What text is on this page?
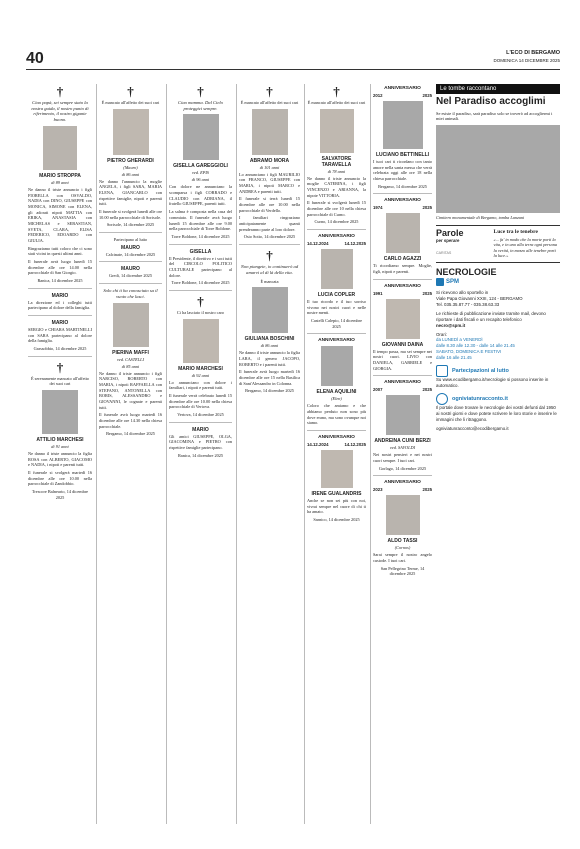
40	L'ECO DI BERGAMO
DOMENICA 14 DICEMBRE 2025
†
Ciao papà, sei sempre stato la nostra guida, il nostro punto di riferimento, il nostro gigante buono.
MARIO STROPPA
di 89 anni
Ne danno il triste annuncio i figli FIORELLA con OSVALDO, NADIA con DINO, GIUSEPPE con MONICA, SIMONE con ELENA, gli adorati nipoti MATTIA con ERIKA, ANASTASIA con MICHELAS e SEBASTIAN, SVETA, CLARA, ELISA FEDERICO, EDOARDO con GIULIA.
Ringraziamo tutti coloro che ci sono stati vicini in questi ultimi anni.
Il funerale avrà luogo lunedì 15 dicembre alle ore 14.00 nella parrocchiale di San Giorgio.
Ranica, 14 dicembre 2025
MARIO
La direzione ed i colleghi tutti partecipano al dolore della famiglia.
MARIO
SERGIO e CHIARA MARTINELLI con SARA partecipano al dolore della famiglia.
Grassobbio, 14 dicembre 2025
†
È serenamente mancato all'affetto dei suoi cari
ATTILIO MARCHESI
di 91 anni
Ne danno il triste annuncio la figlia ROSA con ALBERTO, GIACOMO e NADIA, i nipoti e parenti tutti.
Il funerale si svolgerà martedì 16 dicembre alle ore 10.00 nella parrocchiale di Zandobbio.
Trescore Balneario, 14 dicembre 2025
†
È mancato all'affetto dei suoi cari
PIETRO GHERARDI
(Mauro)
di 86 anni
Ne danno l'annuncio la moglie ANGELA, i figli SARA, MARIA ELENA, GIANCARLO con rispettive famiglie, nipoti e parenti tutti.
Il funerale si svolgerà lunedì alle ore 10.00 nella parrocchiale di Sorisole.
Sorisole, 14 dicembre 2025
Partecipano al lutto
MAURO
Calcinate, 14 dicembre 2025
MAURO
Gredi, 14 dicembre 2025
Solo chi ti ha conosciuto sa il vuoto che lasci.
PIERINA MAFFI
ved. CASTELLI
di 85 anni
Ne danno il triste annuncio i figli NARCISO, ROBERTO con MARIA, i nipoti RAFFAELLA con STEFANO, ANTONELLA con BORIS, ALESSANDRO e GIOVANNI, le cognate e parenti tutti.
Il funerale avrà luogo martedì 16 dicembre alle ore 14.30 nella chiesa parrocchiale.
Bergamo, 14 dicembre 2025
†
Ciao mamma. Dal Cielo proteggici sempre.
GISELLA GAREGGIOLI
ved. EPIS
di 96 anni
Con dolore ne annunciano la scomparsa i figli CORRADO e CLAUDIO con ADRIANA, il fratello GIUSEPPE, parenti tutti.
La salma è composta nella casa del commiato. Il funerale avrà luogo lunedì 15 dicembre alle ore 9.00 nella parrocchiale di Torre Boldone.
Torre Boldone, 14 dicembre 2025
GISELLA
Il Presidente, il direttivo e i soci tutti del CIRCOLO POLITICO CULTURALE partecipano al dolore.
Torre Boldone, 14 dicembre 2025
†
Ci ha lasciato il nostro caro
MARIO MARCHESI
di 92 anni
Lo annunciano con dolore i familiari, i nipoti e parenti tutti.
Il funerale verrà celebrato lunedì 15 dicembre alle ore 10.00 nella chiesa parrocchiale di Vertova.
Vertova, 14 dicembre 2025
MARIO
Gli amici GIUSEPPE, OLGA, GIACOMINA e PIETRO con rispettive famiglie partecipano.
Ranica, 14 dicembre 2025
†
È mancato all'affetto dei suoi cari
ABRAMO MORA
di 101 anni
Lo annunciano i figli MAURILIO con FRANCO, GIUSEPPE con MARIA, i nipoti MARCO e ANDREA e parenti tutti.
Il funerale si terrà lunedì 15 dicembre alle ore 10.00 nella parrocchiale di Verdello.
I familiari ringraziano anticipatamente quanti prenderanno parte al loro dolore.
Osio Sotto, 14 dicembre 2025
†
Non piangete, io continuerò ad amarvi al di là della vita.
È mancata
GIULIANA BOSCHINI
di 86 anni
Ne danno il triste annuncio la figlia LARA, il genero JACOPO, ROBERTO e i parenti tutti.
Il funerale avrà luogo martedì 16 dicembre alle ore 15 nella Basilica di Sant'Alessandro in Colonna.
Bergamo, 14 dicembre 2025
†
È mancato all'affetto dei suoi cari
SALVATORE TARAVELLA
di 78 anni
Ne danno il triste annuncio la moglie CATERINA, i figli VINCENZO e ARIANNA, la nipote VITTORIA.
Il funerale si svolgerà lunedì 15 dicembre alle ore 10 nella chiesa parrocchiale di Curno.
Curno, 14 dicembre 2025
ANNIVERSARIO
14.12.2024	14.12.2025
LUCIA COPLER
Il tuo ricordo e il tuo sorriso vivono nei nostri cuori e nelle nostre menti.
Castelli Calepio, 14 dicembre 2025
ANNIVERSARIO
ELENA AQUILINI
(Elen)
Coloro che amiamo e che abbiamo perduto non sono più dove erano, ma sono ovunque noi siamo.
ANNIVERSARIO
14.12.2024	14.12.2025
IRENE GUALANDRIS
Anche se non sei più con noi, vivrai sempre nel cuore di chi ti ha amato.
Sarnico, 14 dicembre 2025
ANNIVERSARIO
2012	2025
LUCIANO BETTINELLI
I tuoi cari ti ricordano con tanto amore nella santa messa che verrà celebrata oggi alle ore 18 nella chiesa parrocchiale.
Bergamo, 14 dicembre 2025
ANNIVERSARIO
1974	2025
CARLO AGAZZI
Ti ricordiamo sempre. Moglie, figli, nipoti e parenti.
ANNIVERSARIO
1991	2025
GIOVANNI DAINA
Il tempo passa, ma sei sempre nei nostri cuori. LIVIO con DANIELA, GABRIELE e GIORGIA.
ANNIVERSARIO
2007	2025
ANDREINA CUNI BERZI
ved. SAVOLDI
Nei nostri pensieri e nei nostri cuori sempre. I tuoi cari.
Gorlago, 14 dicembre 2025
ANNIVERSARIO
2023	2025
ALDO TASSI
(Cornos)
Sarai sempre il nostro angelo custode. I tuoi cari.
San Pellegrino Terme, 14 dicembre 2025
Le tombe raccontano
Nel Paradiso accoglimi
Se esiste il paradiso, sarà paradiso solo se troverò ad accogliermi i miei animali.
Cimitero monumentale di Bergamo, tomba Lanzani
Parole
per sperare
CARITAS
Luce tra le tenebre
«... fa' in modo che la morte porti la vita, e in uno alla terra ogni persona la veritá, in mezzo alle tenebre porti la luce.»
NECROLOGIE
SPM
Si ricevono allo sportello in
Viale Papa Giovanni XXIII, 124 - BERGAMO
Tel. 035.35.87.77 - 035.38.63.33
Le richieste di pubblicazione inviate tramite mail, devono riportare i dati fiscali e un recapito telefonico
necro@spm.it
Orari:
da LUNEDÌ a VENERDÌ
dalle 8.30 alle 12.30 - dalle 14 alle 21.45
SABATO, DOMENICA E FESTIVI
dalle 16 alle 21.45
Partecipazioni al lutto
Su www.ecodibergamo.it/necrologie si possono inserire in automatico.
ogniviatunracconto.it
Il portale dove trovare le necrologie dei vostri defunti dal 1950 ai nostri giorni e dove potete scrivere le loro storie e inserire le immagini che li ritraggono.
ogniviatunracconto@ecodibergamo.it
